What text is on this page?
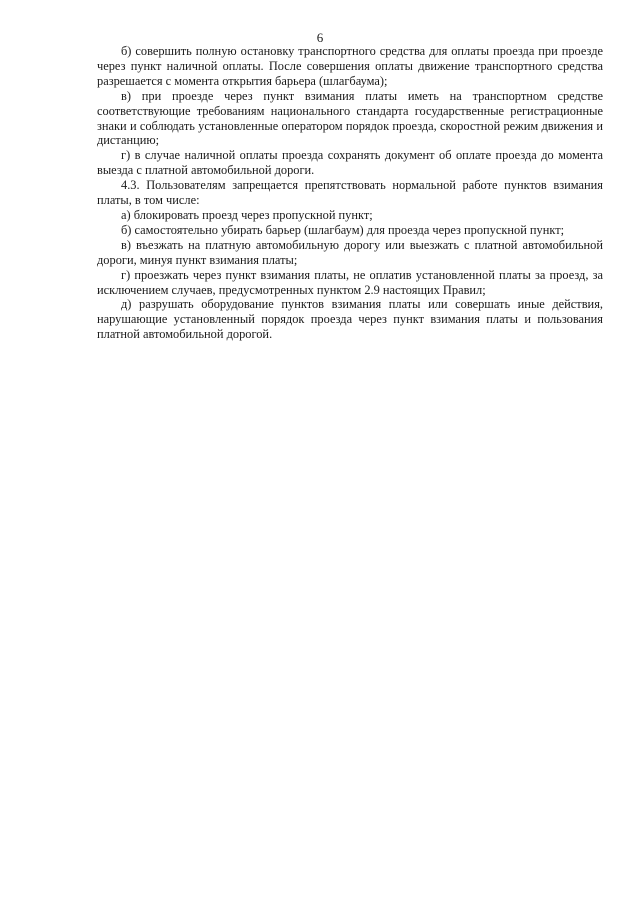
6

б) совершить полную остановку транспортного средства для оплаты проезда при проезде через пункт наличной оплаты. После совершения оплаты движение транспортного средства разрешается с момента открытия барьера (шлагбаума);

в) при проезде через пункт взимания платы иметь на транспортном средстве соответствующие требованиям национального стандарта государственные регистрационные знаки и соблюдать установленные оператором порядок проезда, скоростной режим движения и дистанцию;

г) в случае наличной оплаты проезда сохранять документ об оплате проезда до момента выезда с платной автомобильной дороги.

4.3. Пользователям запрещается препятствовать нормальной работе пунктов взимания платы, в том числе:

а) блокировать проезд через пропускной пункт;

б) самостоятельно убирать барьер (шлагбаум) для проезда через пропускной пункт;

в) въезжать на платную автомобильную дорогу или выезжать с платной автомобильной дороги, минуя пункт взимания платы;

г) проезжать через пункт взимания платы, не оплатив установленной платы за проезд, за исключением случаев, предусмотренных пунктом 2.9 настоящих Правил;

д) разрушать оборудование пунктов взимания платы или совершать иные действия, нарушающие установленный порядок проезда через пункт взимания платы и пользования платной автомобильной дорогой.
